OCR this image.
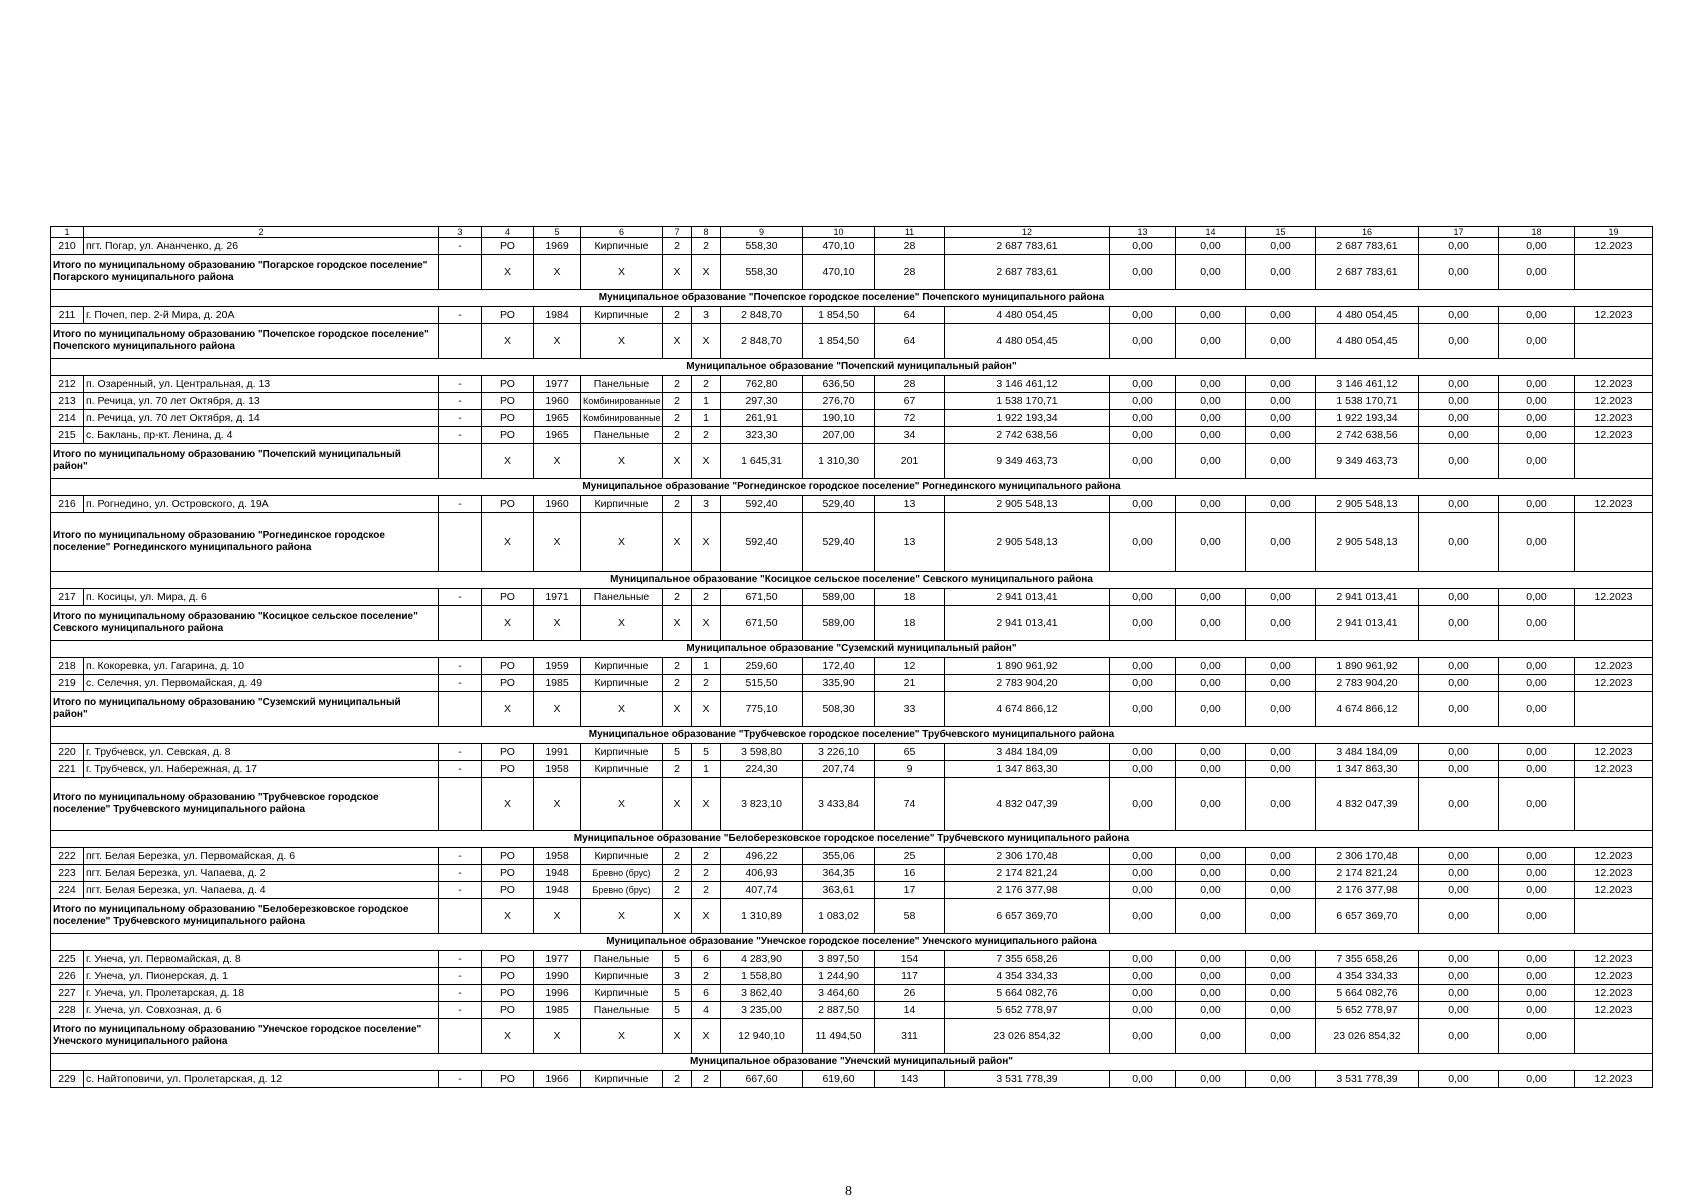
1	2	3	4	5	6	7	8	9	10	11	12	13	14	15	16	17	18	19
210	пгт. Погар, ул. Ананченко, д. 26	-	РО	1969	Кирпичные	2	2	558,30	470,10	28	2 687 783,61	0,00	0,00	0,00	2 687 783,61	0,00	0,00	12.2023
Итого по муниципальному образованию "Погарское городское поселение" Погарского муниципального района			X	X	X	X	X	558,30	470,10	28	2 687 783,61	0,00	0,00	0,00	2 687 783,61	0,00	0,00	
Муниципальное образование "Почепское городское поселение" Почепского муниципального района																		
211	г. Почеп, пер. 2-й Мира, д. 20А	-	РО	1984	Кирпичные	2	3	2 848,70	1 854,50	64	4 480 054,45	0,00	0,00	0,00	4 480 054,45	0,00	0,00	12.2023
Итого по муниципальному образованию "Почепское городское поселение" Почепского муниципального района			X	X	X	X	X	2 848,70	1 854,50	64	4 480 054,45	0,00	0,00	0,00	4 480 054,45	0,00	0,00	
Муниципальное образование "Почепский муниципальный район"																		
212	п. Озаренный, ул. Центральная, д. 13	-	РО	1977	Панельные	2	2	762,80	636,50	28	3 146 461,12	0,00	0,00	0,00	3 146 461,12	0,00	0,00	12.2023
213	п. Речица, ул. 70 лет Октября, д. 13	-	РО	1960	Комбинированные	2	1	297,30	276,70	67	1 538 170,71	0,00	0,00	0,00	1 538 170,71	0,00	0,00	12.2023
214	п. Речица, ул. 70 лет Октября, д. 14	-	РО	1965	Комбинированные	2	1	261,91	190,10	72	1 922 193,34	0,00	0,00	0,00	1 922 193,34	0,00	0,00	12.2023
215	с. Баклань, пр-кт. Ленина, д. 4	-	РО	1965	Панельные	2	2	323,30	207,00	34	2 742 638,56	0,00	0,00	0,00	2 742 638,56	0,00	0,00	12.2023
Итого по муниципальному образованию "Почепский муниципальный район"			X	X	X	X	X	1 645,31	1 310,30	201	9 349 463,73	0,00	0,00	0,00	9 349 463,73	0,00	0,00	
Муниципальное образование "Рогнединское городское поселение" Рогнединского муниципального района																		
216	п. Рогнедино, ул. Островского, д. 19А	-	РО	1960	Кирпичные	2	3	592,40	529,40	13	2 905 548,13	0,00	0,00	0,00	2 905 548,13	0,00	0,00	12.2023
Итого по муниципальному образованию "Рогнединское городское поселение" Рогнединского муниципального района			X	X	X	X	X	592,40	529,40	13	2 905 548,13	0,00	0,00	0,00	2 905 548,13	0,00	0,00	
Муниципальное образование "Косицкое сельское поселение" Севского муниципального района																		
217	п. Косицы, ул. Мира, д. 6	-	РО	1971	Панельные	2	2	671,50	589,00	18	2 941 013,41	0,00	0,00	0,00	2 941 013,41	0,00	0,00	12.2023
Итого по муниципальному образованию "Косицкое сельское поселение" Севского муниципального района			X	X	X	X	X	671,50	589,00	18	2 941 013,41	0,00	0,00	0,00	2 941 013,41	0,00	0,00	
Муниципальное образование "Суземский муниципальный район"																		
218	п. Кокоревка, ул. Гагарина, д. 10	-	РО	1959	Кирпичные	2	1	259,60	172,40	12	1 890 961,92	0,00	0,00	0,00	1 890 961,92	0,00	0,00	12.2023
219	с. Селечня, ул. Первомайская, д. 49	-	РО	1985	Кирпичные	2	2	515,50	335,90	21	2 783 904,20	0,00	0,00	0,00	2 783 904,20	0,00	0,00	12.2023
Итого по муниципальному образованию "Суземский муниципальный район"			X	X	X	X	X	775,10	508,30	33	4 674 866,12	0,00	0,00	0,00	4 674 866,12	0,00	0,00	
Муниципальное образование "Трубчевское городское поселение" Трубчевского муниципального района																		
220	г. Трубчевск, ул. Севская, д. 8	-	РО	1991	Кирпичные	5	5	3 598,80	3 226,10	65	3 484 184,09	0,00	0,00	0,00	3 484 184,09	0,00	0,00	12.2023
221	г. Трубчевск, ул. Набережная, д. 17	-	РО	1958	Кирпичные	2	1	224,30	207,74	9	1 347 863,30	0,00	0,00	0,00	1 347 863,30	0,00	0,00	12.2023
Итого по муниципальному образованию "Трубчевское городское поселение" Трубчевского муниципального района			X	X	X	X	X	3 823,10	3 433,84	74	4 832 047,39	0,00	0,00	0,00	4 832 047,39	0,00	0,00	
Муниципальное образование "Белоберезковское городское поселение" Трубчевского муниципального района																		
222	пгт. Белая Березка, ул. Первомайская, д. 6	-	РО	1958	Кирпичные	2	2	496,22	355,06	25	2 306 170,48	0,00	0,00	0,00	2 306 170,48	0,00	0,00	12.2023
223	пгт. Белая Березка, ул. Чапаева, д. 2	-	РО	1948	Бревно (брус)	2	2	406,93	364,35	16	2 174 821,24	0,00	0,00	0,00	2 174 821,24	0,00	0,00	12.2023
224	пгт. Белая Березка, ул. Чапаева, д. 4	-	РО	1948	Бревно (брус)	2	2	407,74	363,61	17	2 176 377,98	0,00	0,00	0,00	2 176 377,98	0,00	0,00	12.2023
Итого по муниципальному образованию "Белоберезковское городское поселение" Трубчевского муниципального района			X	X	X	X	X	1 310,89	1 083,02	58	6 657 369,70	0,00	0,00	0,00	6 657 369,70	0,00	0,00	
Муниципальное образование "Унечское городское поселение" Унечского муниципального района																		
225	г. Унеча, ул. Первомайская, д. 8	-	РО	1977	Панельные	5	6	4 283,90	3 897,50	154	7 355 658,26	0,00	0,00	0,00	7 355 658,26	0,00	0,00	12.2023
226	г. Унеча, ул. Пионерская, д. 1	-	РО	1990	Кирпичные	3	2	1 558,80	1 244,90	117	4 354 334,33	0,00	0,00	0,00	4 354 334,33	0,00	0,00	12.2023
227	г. Унеча, ул. Пролетарская, д. 18	-	РО	1996	Кирпичные	5	6	3 862,40	3 464,60	26	5 664 082,76	0,00	0,00	0,00	5 664 082,76	0,00	0,00	12.2023
228	г. Унеча, ул. Совхозная, д. 6	-	РО	1985	Панельные	5	4	3 235,00	2 887,50	14	5 652 778,97	0,00	0,00	0,00	5 652 778,97	0,00	0,00	12.2023
Итого по муниципальному образованию "Унечское городское поселение" Унечского муниципального района			X	X	X	X	X	12 940,10	11 494,50	311	23 026 854,32	0,00	0,00	0,00	23 026 854,32	0,00	0,00	
Муниципальное образование "Унечский муниципальный район"																		
229	с. Найтоповичи, ул. Пролетарская, д. 12	-	РО	1966	Кирпичные	2	2	667,60	619,60	143	3 531 778,39	0,00	0,00	0,00	3 531 778,39	0,00	0,00	12.2023
8
